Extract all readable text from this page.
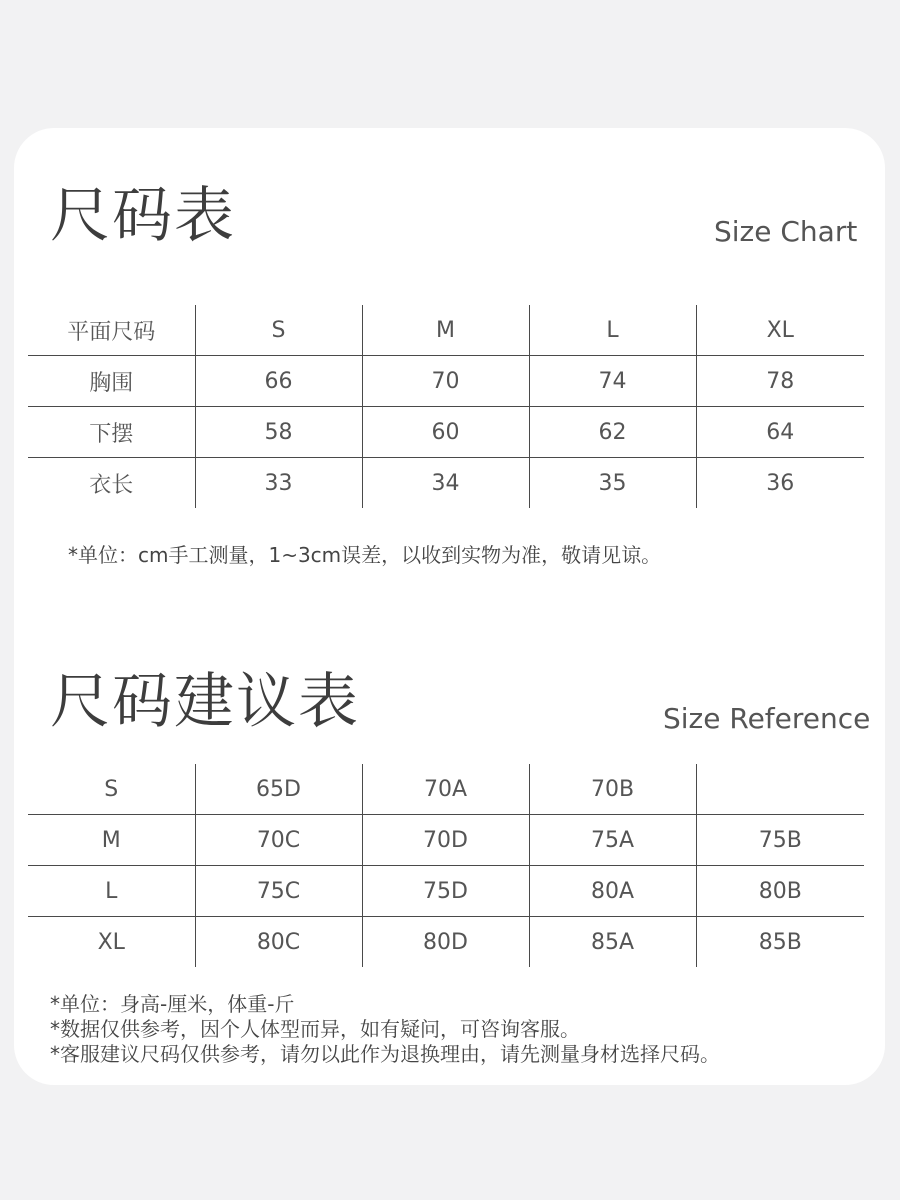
尺码表	Size Chart
平面尺码	S	M	L	XL
胸围	66	70	74	78
下摆	58	60	62	64
衣长	33	34	35	36
*单位：cm手工测量，1~3cm误差，以收到实物为准，敬请见谅。
尺码建议表	Size Reference
S	65D	70A	70B	
M	70C	70D	75A	75B
L	75C	75D	80A	80B
XL	80C	80D	85A	85B
*单位：身高-厘米，体重-斤
*数据仅供参考，因个人体型而异，如有疑问，可咨询客服。
*客服建议尺码仅供参考，请勿以此作为退换理由，请先测量身材选择尺码。
